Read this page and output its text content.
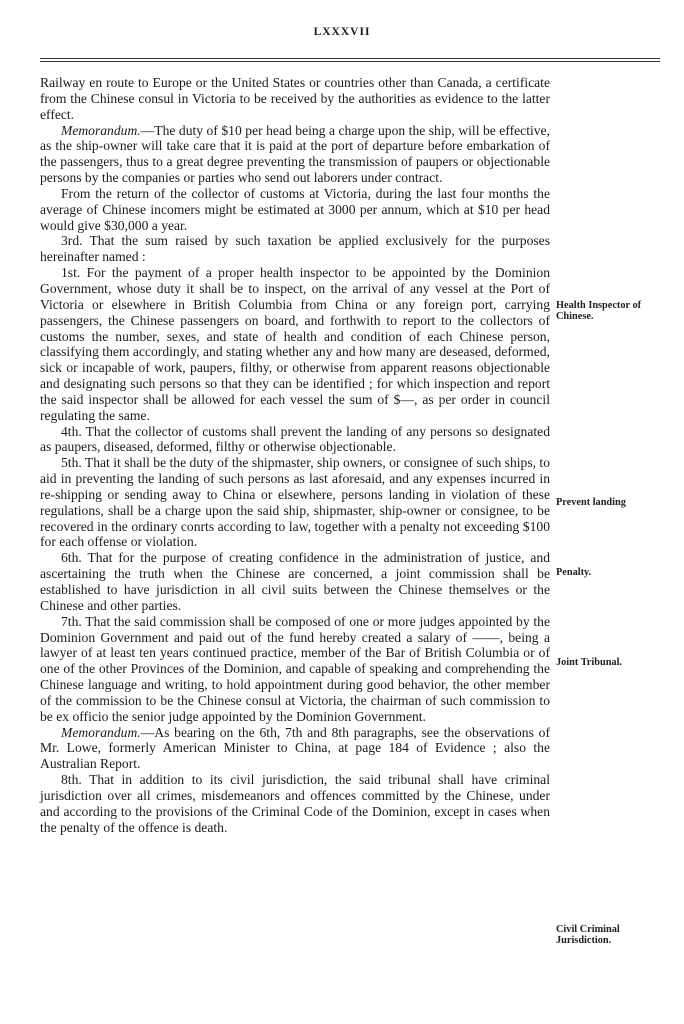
LXXXVII

Railway en route to Europe or the United States or countries other than Canada, a certificate from the Chinese consul in Victoria to be received by the authorities as evidence to the latter effect.

Memorandum.—The duty of $10 per head being a charge upon the ship, will be effective, as the ship-owner will take care that it is paid at the port of departure before embarkation of the passengers, thus to a great degree preventing the transmission of paupers or objectionable persons by the companies or parties who send out laborers under contract.

From the return of the collector of customs at Victoria, during the last four months the average of Chinese incomers might be estimated at 3000 per annum, which at $10 per head would give $30,000 a year.

3rd. That the sum raised by such taxation be applied exclusively for the purposes hereinafter named :

1st. For the payment of a proper health inspector to be appointed by the Dominion Government, whose duty it shall be to inspect, on the arrival of any vessel at the Port of Victoria or elsewhere in British Columbia from China or any foreign port, carrying passengers, the Chinese passengers on board, and forthwith to report to the collectors of customs the number, sexes, and state of health and condition of each Chinese person, classifying them accordingly, and stating whether any and how many are deseased, deformed, sick or incapable of work, paupers, filthy, or otherwise from apparent reasons objectionable and designating such persons so that they can be identified ; for which inspection and report the said inspector shall be allowed for each vessel the sum of $—, as per order in council regulating the same.

4th. That the collector of customs shall prevent the landing of any persons so designated as paupers, diseased, deformed, filthy or otherwise objectionable.

5th. That it shall be the duty of the shipmaster, ship owners, or consignee of such ships, to aid in preventing the landing of such persons as last aforesaid, and any expenses incurred in re-shipping or sending away to China or elsewhere, persons landing in violation of these regulations, shall be a charge upon the said ship, shipmaster, ship-owner or consignee, to be recovered in the ordinary conrts according to law, together with a penalty not exceeding $100 for each offense or violation.

6th. That for the purpose of creating confidence in the administration of justice, and ascertaining the truth when the Chinese are concerned, a joint commission shall be established to have jurisdiction in all civil suits between the Chinese themselves or the Chinese and other parties.

7th. That the said commission shall be composed of one or more judges appointed by the Dominion Government and paid out of the fund hereby created a salary of ——, being a lawyer of at least ten years continued practice, member of the Bar of British Columbia or of one of the other Provinces of the Dominion, and capable of speaking and comprehending the Chinese language and writing, to hold appointment during good behavior, the other member of the commission to be the Chinese consul at Victoria, the chairman of such commission to be ex officio the senior judge appointed by the Dominion Government.

Memorandum.—As bearing on the 6th, 7th and 8th paragraphs, see the observations of Mr. Lowe, formerly American Minister to China, at page 184 of Evidence ; also the Australian Report.

8th. That in addition to its civil jurisdiction, the said tribunal shall have criminal jurisdiction over all crimes, misdemeanors and offences committed by the Chinese, under and according to the provisions of the Criminal Code of the Dominion, except in cases when the penalty of the offence is death.

Health Inspector of Chinese.
Prevent landing
Penalty.
Joint Tribunal.
Civil Criminal Jurisdiction.
